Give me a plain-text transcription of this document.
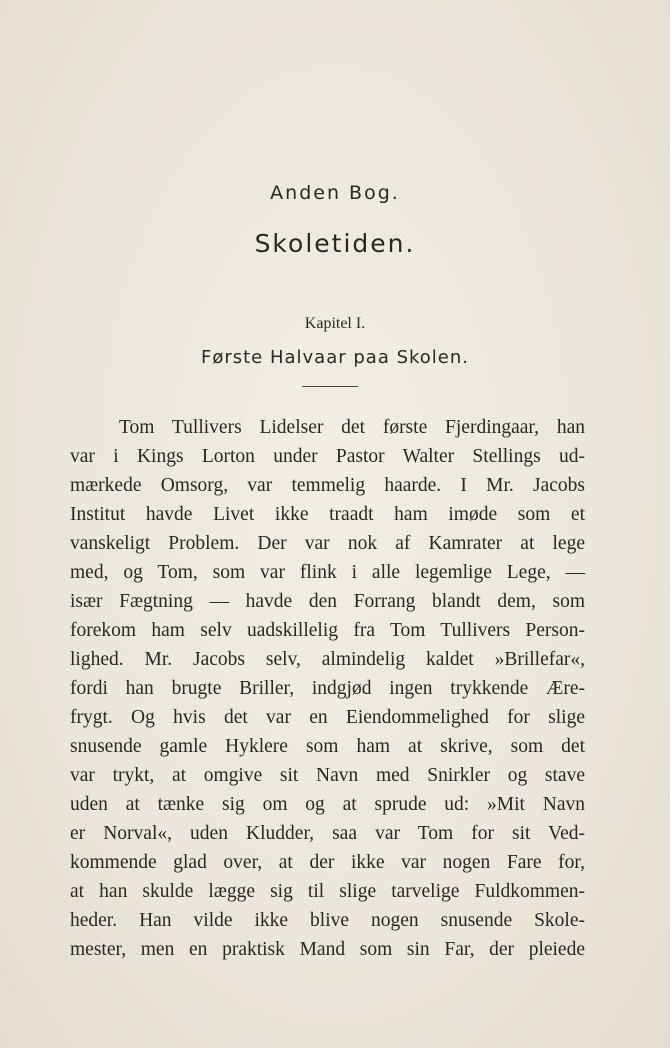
Anden Bog.
Skoletiden.
Kapitel I.
Første Halvaar paa Skolen.
Tom Tullivers Lidelser det første Fjerdingaar, han
var i Kings Lorton under Pastor Walter Stellings ud-
mærkede Omsorg, var temmelig haarde. I Mr. Jacobs
Institut havde Livet ikke traadt ham imøde som et
vanskeligt Problem. Der var nok af Kamrater at lege
med, og Tom, som var flink i alle legemlige Lege, —
især Fægtning — havde den Forrang blandt dem, som
forekom ham selv uadskillelig fra Tom Tullivers Person-
lighed. Mr. Jacobs selv, almindelig kaldet »Brillefar«,
fordi han brugte Briller, indgjød ingen trykkende Ære-
frygt. Og hvis det var en Eiendommelighed for slige
snusende gamle Hyklere som ham at skrive, som det
var trykt, at omgive sit Navn med Snirkler og stave
uden at tænke sig om og at sprude ud: »Mit Navn
er Norval«, uden Kludder, saa var Tom for sit Ved-
kommende glad over, at der ikke var nogen Fare for,
at han skulde lægge sig til slige tarvelige Fuldkommen-
heder. Han vilde ikke blive nogen snusende Skole-
mester, men en praktisk Mand som sin Far, der pleiede
